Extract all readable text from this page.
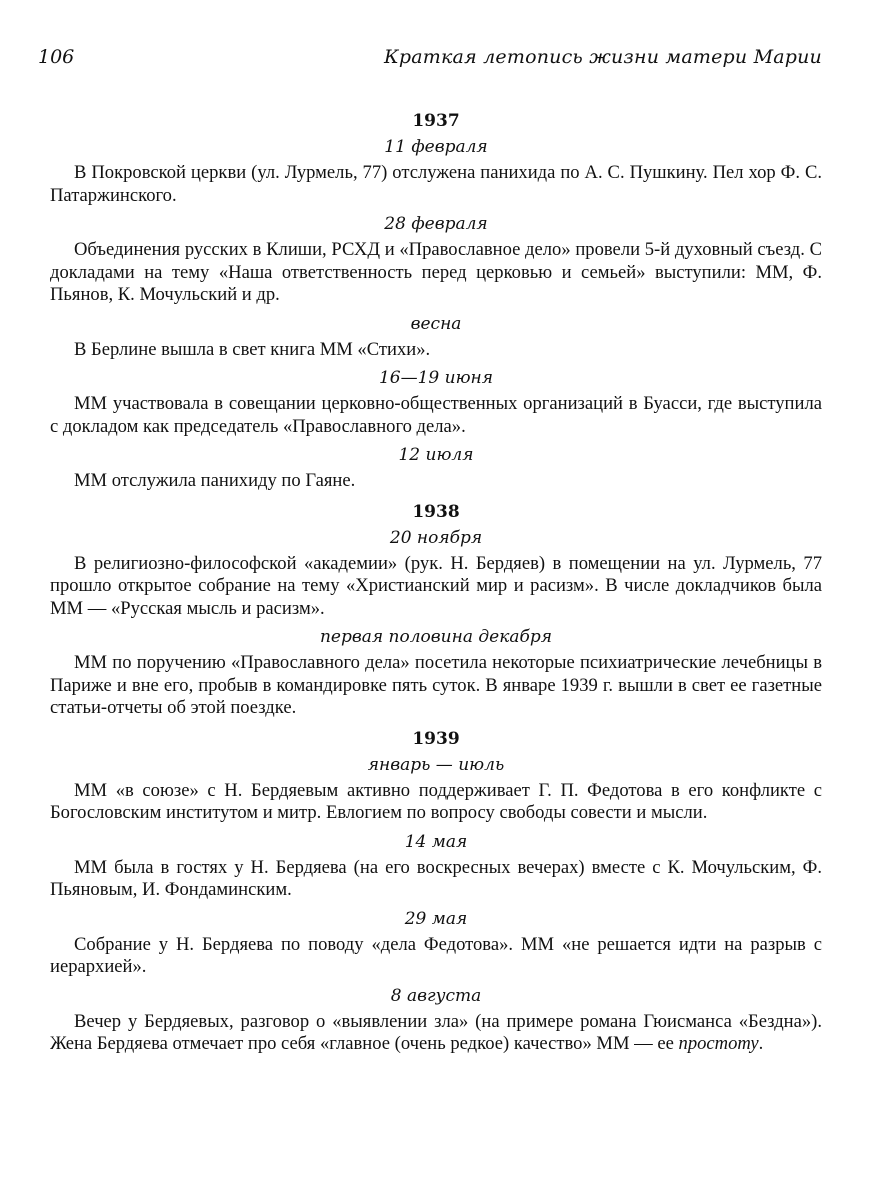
106	Краткая летопись жизни матери Марии
1937
11 февраля

В Покровской церкви (ул. Лурмель, 77) отслужена панихида по А. С. Пушкину. Пел хор Ф. С. Патаржинского.

28 февраля

Объединения русских в Клиши, РСХД и «Православное дело» провели 5-й духовный съезд. С докладами на тему «Наша ответственность перед церковью и семьей» выступили: ММ, Ф. Пьянов, К. Мочульский и др.

весна

В Берлине вышла в свет книга ММ «Стихи».

16—19 июня

ММ участвовала в совещании церковно-общественных организаций в Буасси, где выступила с докладом как председатель «Православного дела».

12 июля

ММ отслужила панихиду по Гаяне.

1938
20 ноября

В религиозно-философской «академии» (рук. Н. Бердяев) в помещении на ул. Лурмель, 77 прошло открытое собрание на тему «Христианский мир и расизм». В числе докладчиков была ММ — «Русская мысль и расизм».

первая половина декабря

ММ по поручению «Православного дела» посетила некоторые психиатрические лечебницы в Париже и вне его, пробыв в командировке пять суток. В январе 1939 г. вышли в свет ее газетные статьи-отчеты об этой поездке.

1939
январь — июль

ММ «в союзе» с Н. Бердяевым активно поддерживает Г. П. Федотова в его конфликте с Богословским институтом и митр. Евлогием по вопросу свободы совести и мысли.

14 мая

ММ была в гостях у Н. Бердяева (на его воскресных вечерах) вместе с К. Мочульским, Ф. Пьяновым, И. Фондаминским.

29 мая

Собрание у Н. Бердяева по поводу «дела Федотова». ММ «не решается идти на разрыв с иерархией».

8 августа

Вечер у Бердяевых, разговор о «выявлении зла» (на примере романа Гюисманса «Бездна»). Жена Бердяева отмечает про себя «главное (очень редкое) качество» ММ — ее простоту.
